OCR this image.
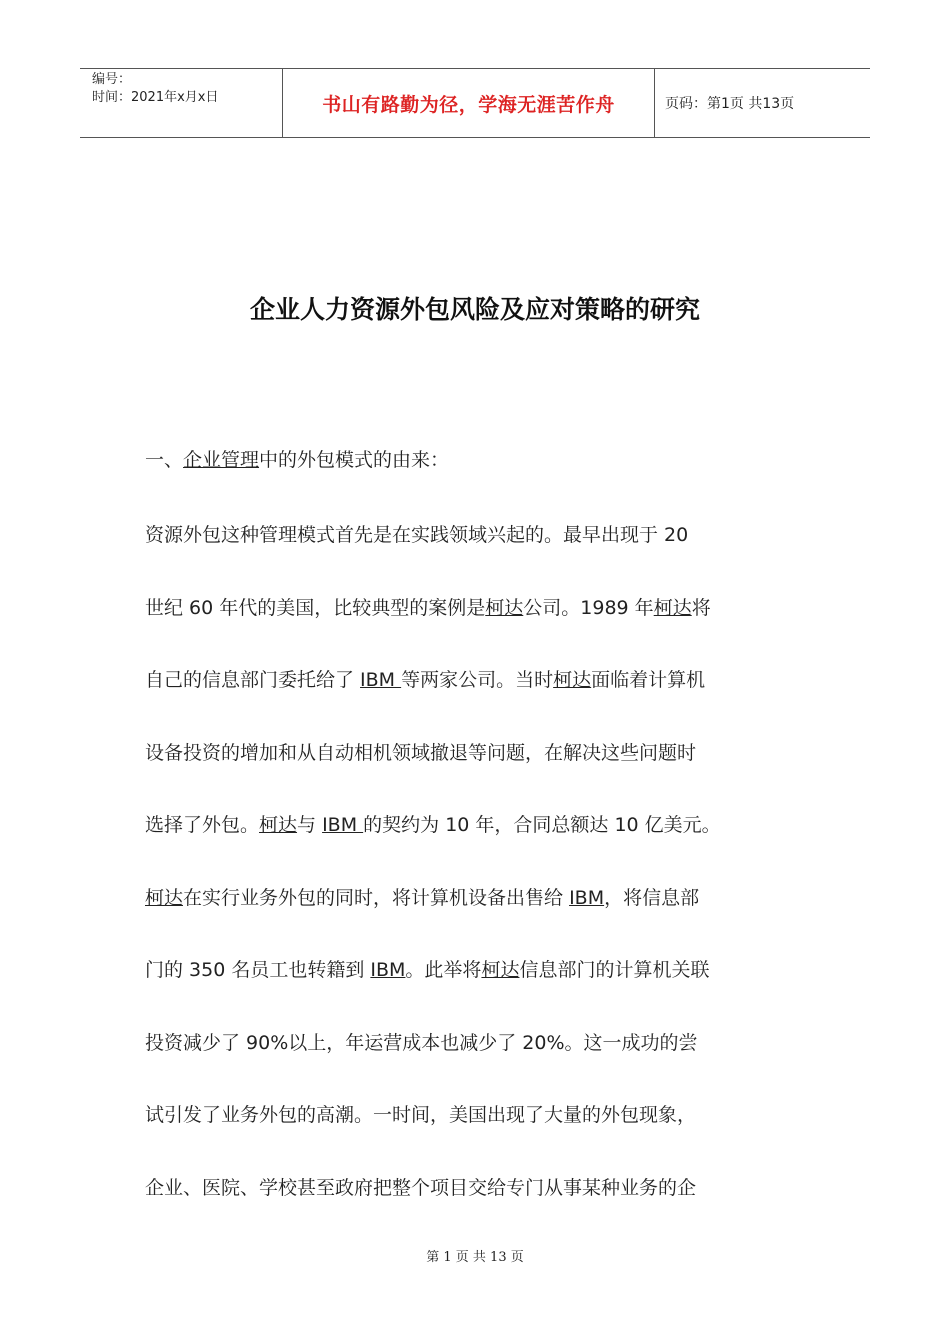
编号：
时间：2021年x月x日	书山有路勤为径，学海无涯苦作舟	页码：第1页 共13页
企业人力资源外包风险及应对策略的研究
一、企业管理中的外包模式的由来：
资源外包这种管理模式首先是在实践领域兴起的。最早出现于 20
世纪 60 年代的美国，比较典型的案例是柯达公司。1989 年柯达将
自己的信息部门委托给了 IBM 等两家公司。当时柯达面临着计算机
设备投资的增加和从自动相机领域撤退等问题，在解决这些问题时
选择了外包。柯达与 IBM 的契约为 10 年，合同总额达 10 亿美元。
柯达在实行业务外包的同时，将计算机设备出售给 IBM，将信息部
门的 350 名员工也转籍到 IBM。此举将柯达信息部门的计算机关联
投资减少了 90%以上，年运营成本也减少了 20%。这一成功的尝
试引发了业务外包的高潮。一时间，美国出现了大量的外包现象，
企业、医院、学校甚至政府把整个项目交给专门从事某种业务的企
第 1 页 共 13 页
